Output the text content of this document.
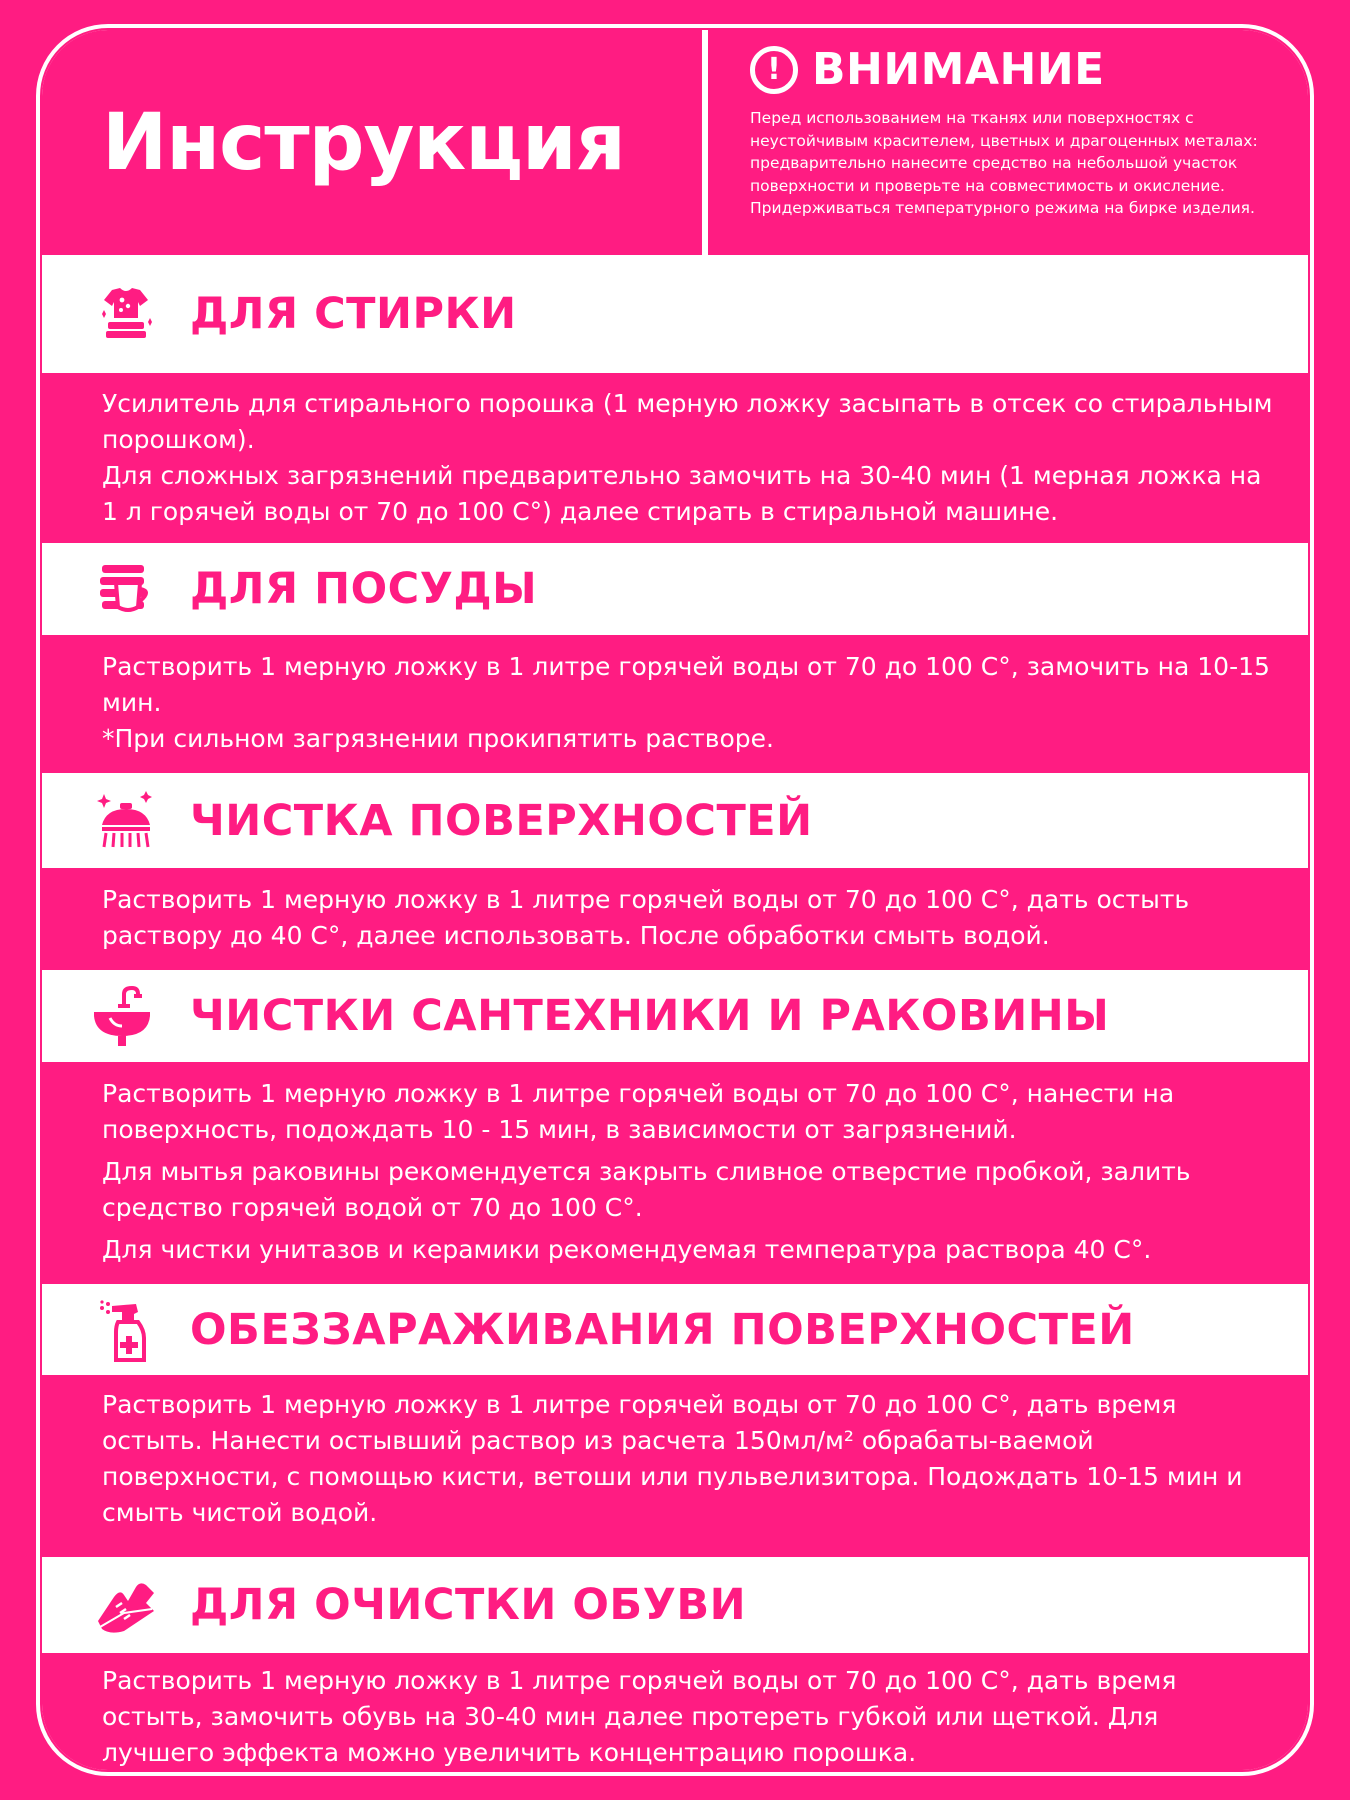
Инструкция
! ВНИМАНИЕ
Перед использованием на тканях или поверхностях с неустойчивым красителем, цветных и драгоценных металах: предварительно нанесите средство на небольшой участок поверхности и проверьте на совместимость и окисление. Придерживаться температурного режима на бирке изделия.
ДЛЯ СТИРКИ

Усилитель для стирального порошка (1 мерную ложку засыпать в отсек со стиральным порошком).

Для сложных загрязнений предварительно замочить на 30-40 мин (1 мерная ложка на 1 л горячей воды от 70 до 100 С°) далее стирать в стиральной машине.

ДЛЯ ПОСУДЫ

Растворить 1 мерную ложку в 1 литре горячей воды от 70 до 100 С°, замочить на 10-15 мин.

*При сильном загрязнении прокипятить растворе.

ЧИСТКА ПОВЕРХНОСТЕЙ

Растворить 1 мерную ложку в 1 литре горячей воды от 70 до 100 С°, дать остыть раствору до 40 С°, далее использовать. После обработки смыть водой.

ЧИСТКИ САНТЕХНИКИ И РАКОВИНЫ

Растворить 1 мерную ложку в 1 литре горячей воды от 70 до 100 С°, нанести на поверхность, подождать 10 - 15 мин, в зависимости от загрязнений.

Для мытья раковины рекомендуется закрыть сливное отверстие пробкой, залить средство горячей водой от 70 до 100 С°.

Для чистки унитазов и керамики рекомендуемая температура раствора 40 С°.

ОБЕЗЗАРАЖИВАНИЯ ПОВЕРХНОСТЕЙ

Растворить 1 мерную ложку в 1 литре горячей воды от 70 до 100 С°, дать время остыть. Нанести остывший раствор из расчета 150мл/м² обрабаты-ваемой поверхности, с помощью кисти, ветоши или пульвелизитора. Подождать 10-15 мин и смыть чистой водой.

ДЛЯ ОЧИСТКИ ОБУВИ

Растворить 1 мерную ложку в 1 литре горячей воды от 70 до 100 С°, дать время остыть, замочить обувь на 30-40 мин далее протереть губкой или щеткой. Для лучшего эффекта можно увеличить концентрацию порошка.
